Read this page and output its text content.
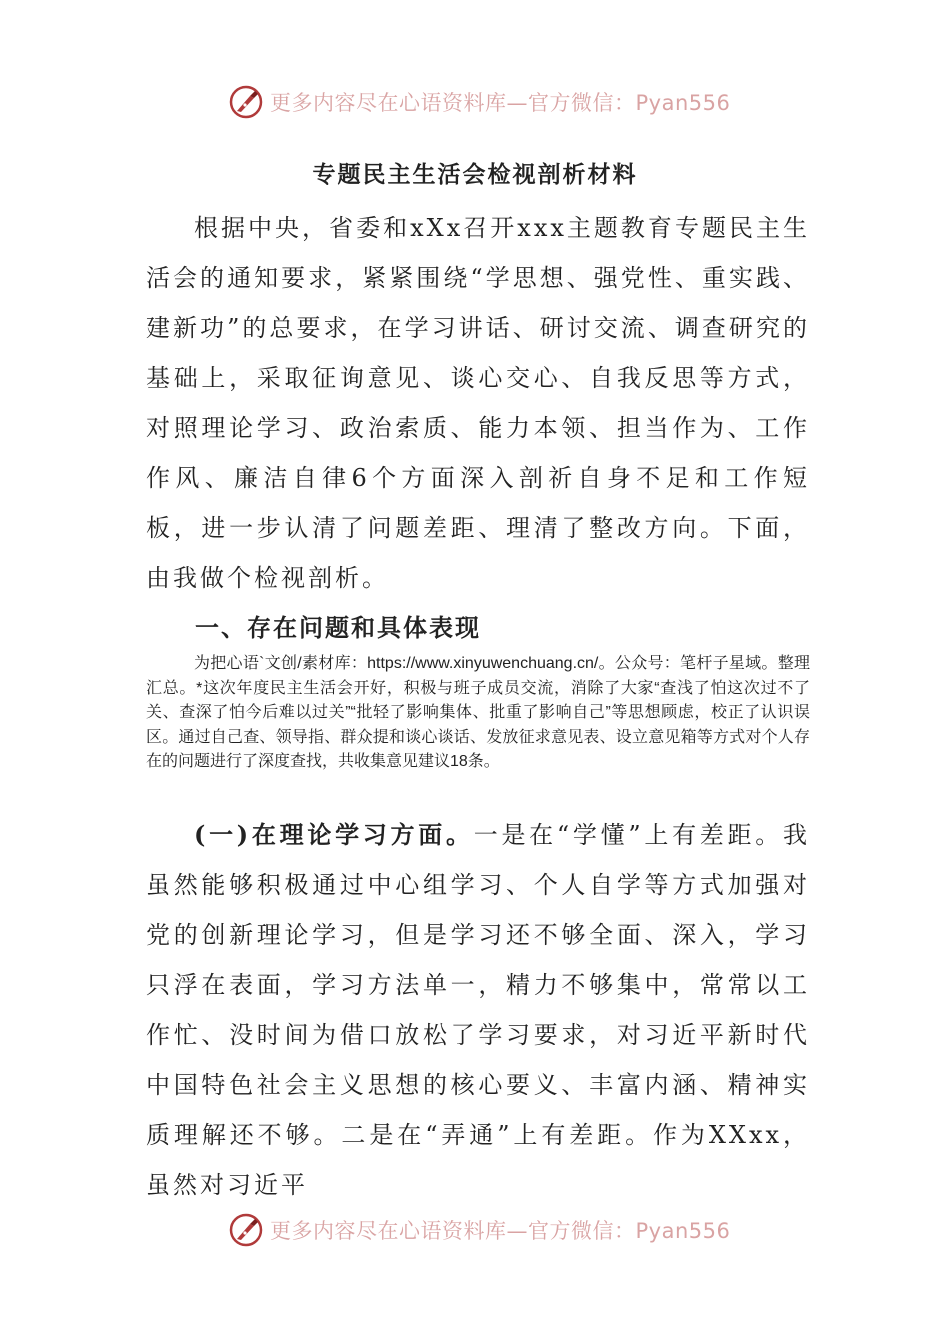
更多内容尽在心语资料库—官方微信：Pyan556
专题民主生活会检视剖析材料

根据中央，省委和xXx召开xxx主题教育专题民主生活会的通知要求，紧紧围绕“学思想、强党性、重实践、建新功”的总要求，在学习讲话、研讨交流、调查研究的基础上，采取征询意见、谈心交心、自我反思等方式，对照理论学习、政治索质、能力本领、担当作为、工作作风、廉洁自律6个方面深入剖祈自身不足和工作短板，进一步认清了问题差距、理清了整改方向。下面，由我做个检视剖析。

一、存在问题和具体表现

为把心语`文创/素材库：https://www.xinyuwenchuang.cn/。公众号：笔杆子星域。整理汇总。*这次年度民主生活会开好，积极与班子成员交流，消除了大家“查浅了怕这次过不了关、查深了怕今后难以过关”“批轻了影响集体、批重了影响自己”等思想顾虑，校正了认识误区。通过自己查、领导指、群众提和谈心谈话、发放征求意见表、设立意见箱等方式对个人存在的问题进行了深度查找，共收集意见建议18条。

(一)在理论学习方面。一是在“学懂”上有差距。我虽然能够积极通过中心组学习、个人自学等方式加强对党的创新理论学习，但是学习还不够全面、深入，学习只浮在表面，学习方法单一，精力不够集中，常常以工作忙、没时间为借口放松了学习要求，对习近平新时代中国特色社会主义思想的核心要义、丰富内涵、精神实质理解还不够。二是在“弄通”上有差距。作为XXxx，虽然对习近平

更多内容尽在心语资料库—官方微信：Pyan556
